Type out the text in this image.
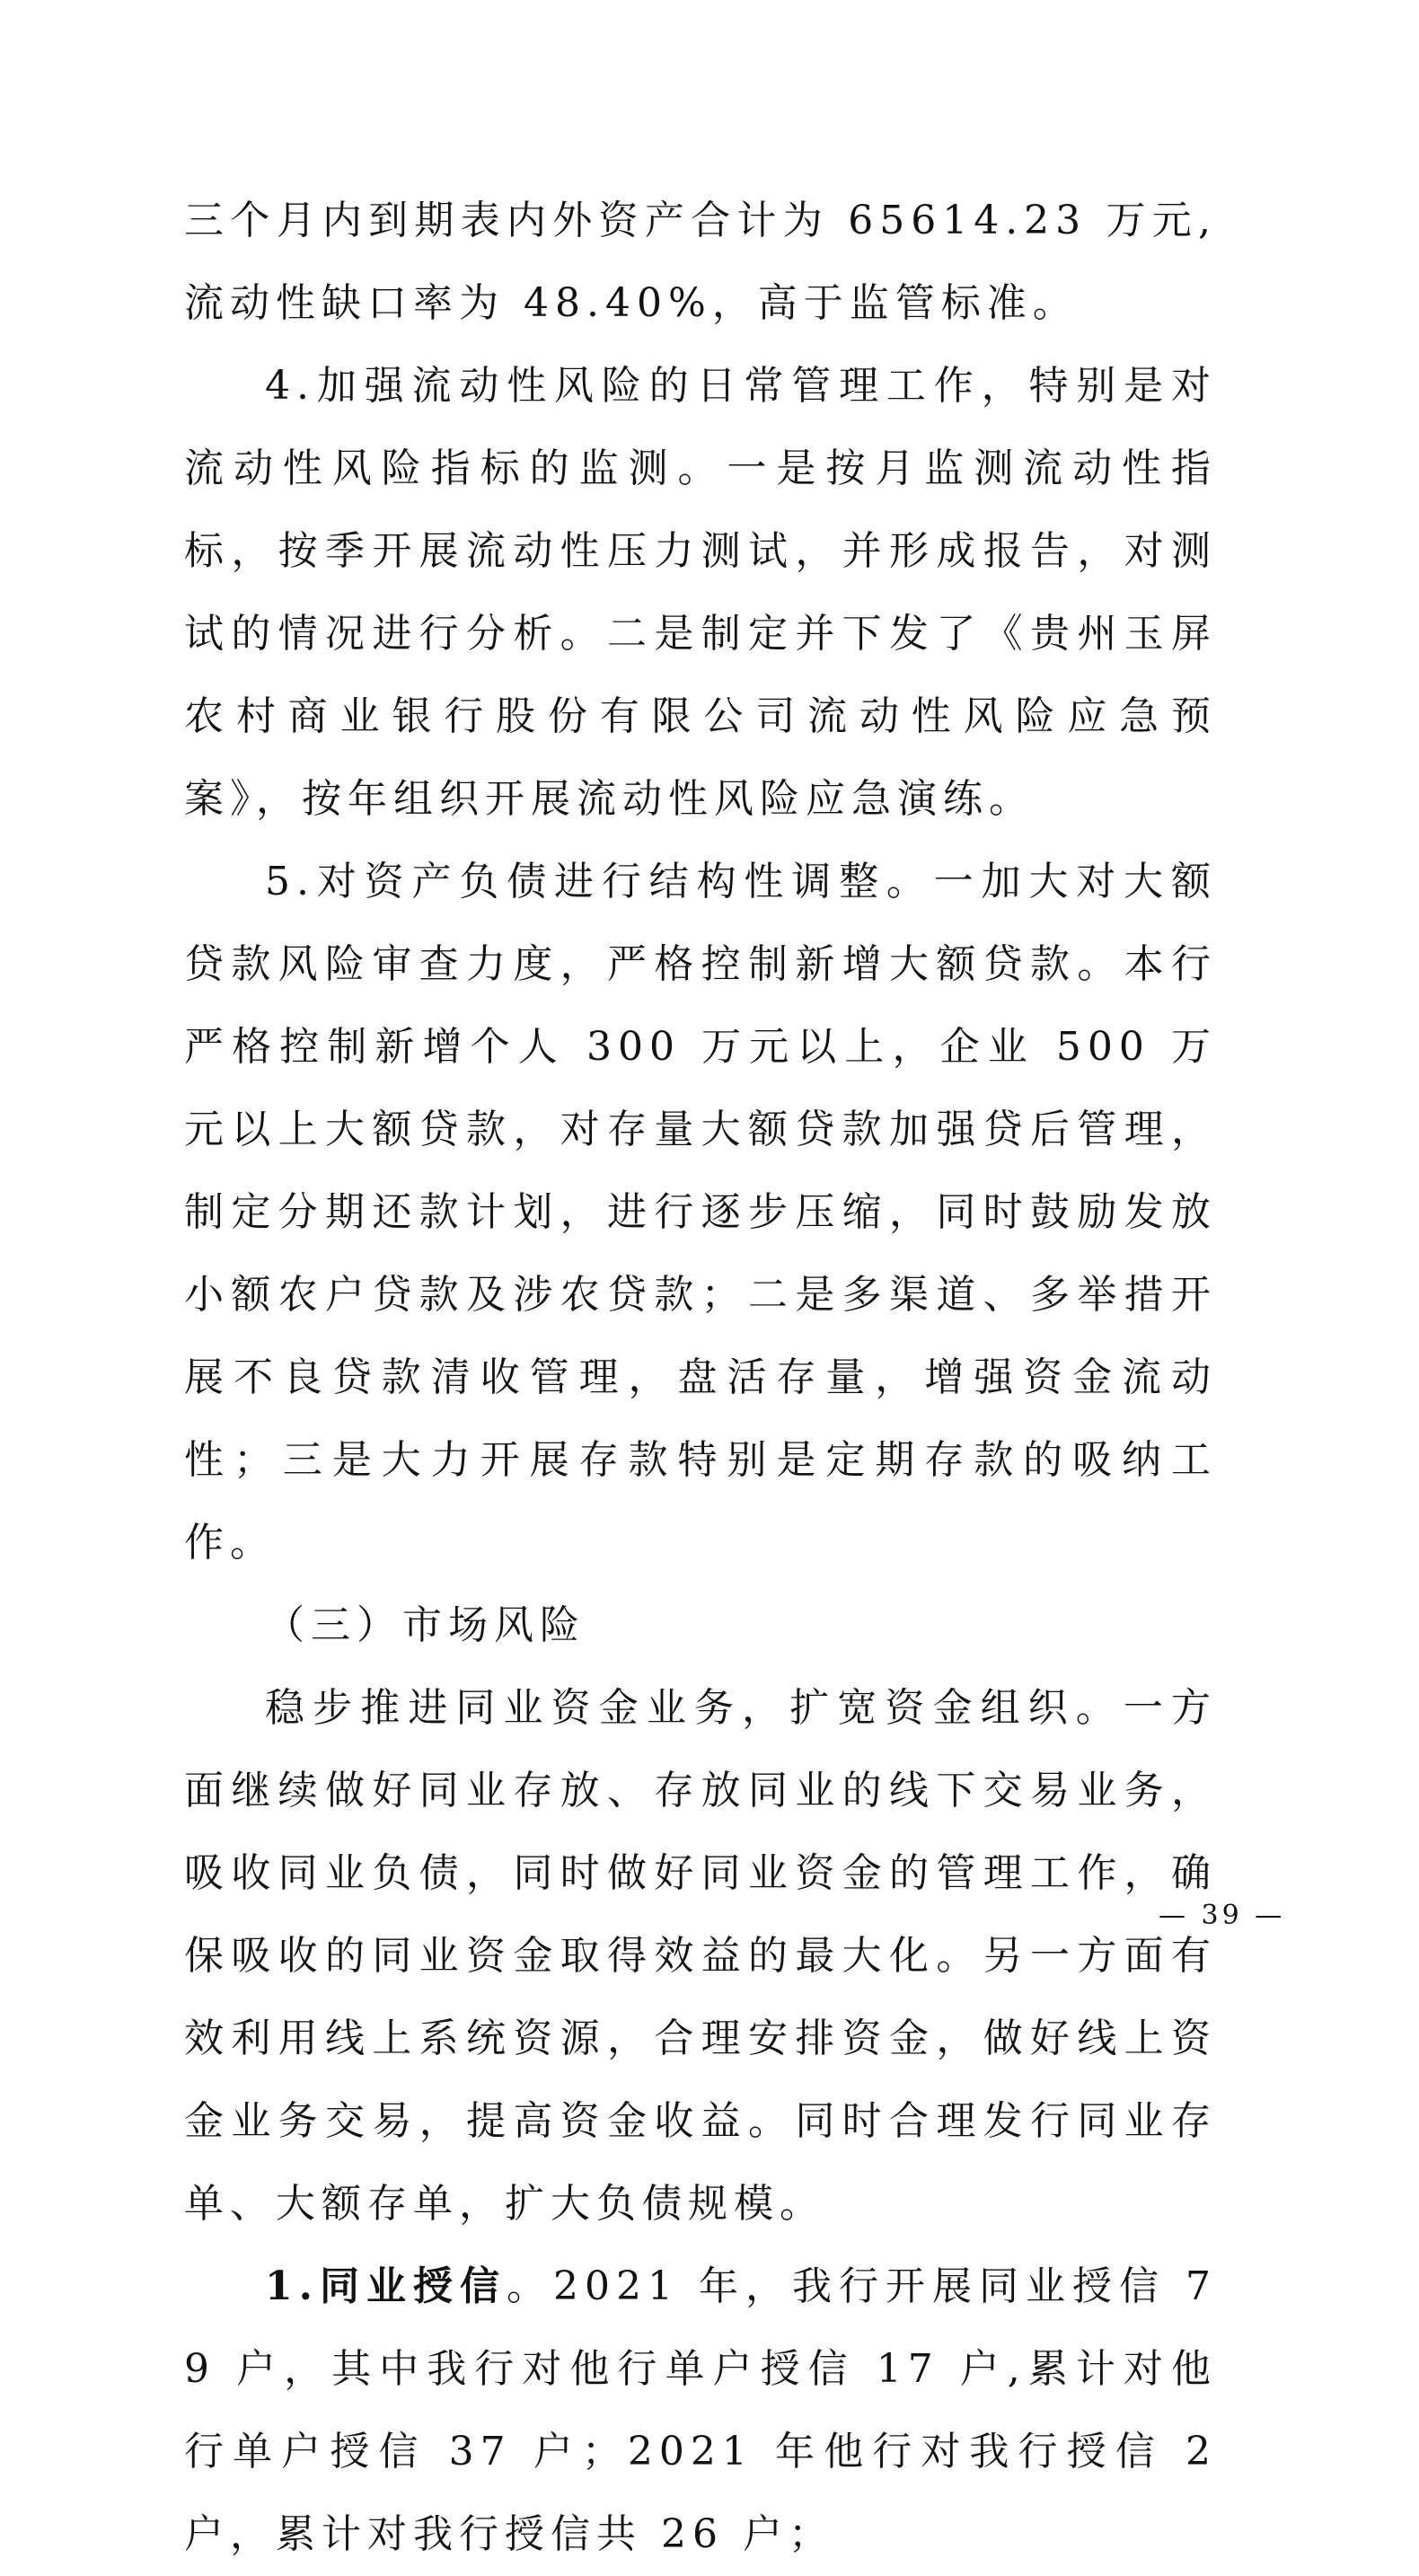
三个月内到期表内外资产合计为 65614.23 万元,流动性缺口率为 48.40%，高于监管标准。

4.加强流动性风险的日常管理工作，特别是对流动性风险指标的监测。一是按月监测流动性指标，按季开展流动性压力测试，并形成报告，对测试的情况进行分析。二是制定并下发了《贵州玉屏农村商业银行股份有限公司流动性风险应急预案》，按年组织开展流动性风险应急演练。

5.对资产负债进行结构性调整。一加大对大额贷款风险审查力度，严格控制新增大额贷款。本行严格控制新增个人 300 万元以上，企业 500 万元以上大额贷款，对存量大额贷款加强贷后管理，制定分期还款计划，进行逐步压缩，同时鼓励发放小额农户贷款及涉农贷款；二是多渠道、多举措开展不良贷款清收管理，盘活存量，增强资金流动性；三是大力开展存款特别是定期存款的吸纳工作。

（三）市场风险

稳步推进同业资金业务，扩宽资金组织。一方面继续做好同业存放、存放同业的线下交易业务，吸收同业负债，同时做好同业资金的管理工作，确保吸收的同业资金取得效益的最大化。另一方面有效利用线上系统资源，合理安排资金，做好线上资金业务交易，提高资金收益。同时合理发行同业存单、大额存单，扩大负债规模。

1.同业授信。2021 年，我行开展同业授信 79 户，其中我行对他行单户授信 17 户,累计对他行单户授信 37 户；2021 年他行对我行授信 2 户，累计对我行授信共 26 户；

— 39 —
